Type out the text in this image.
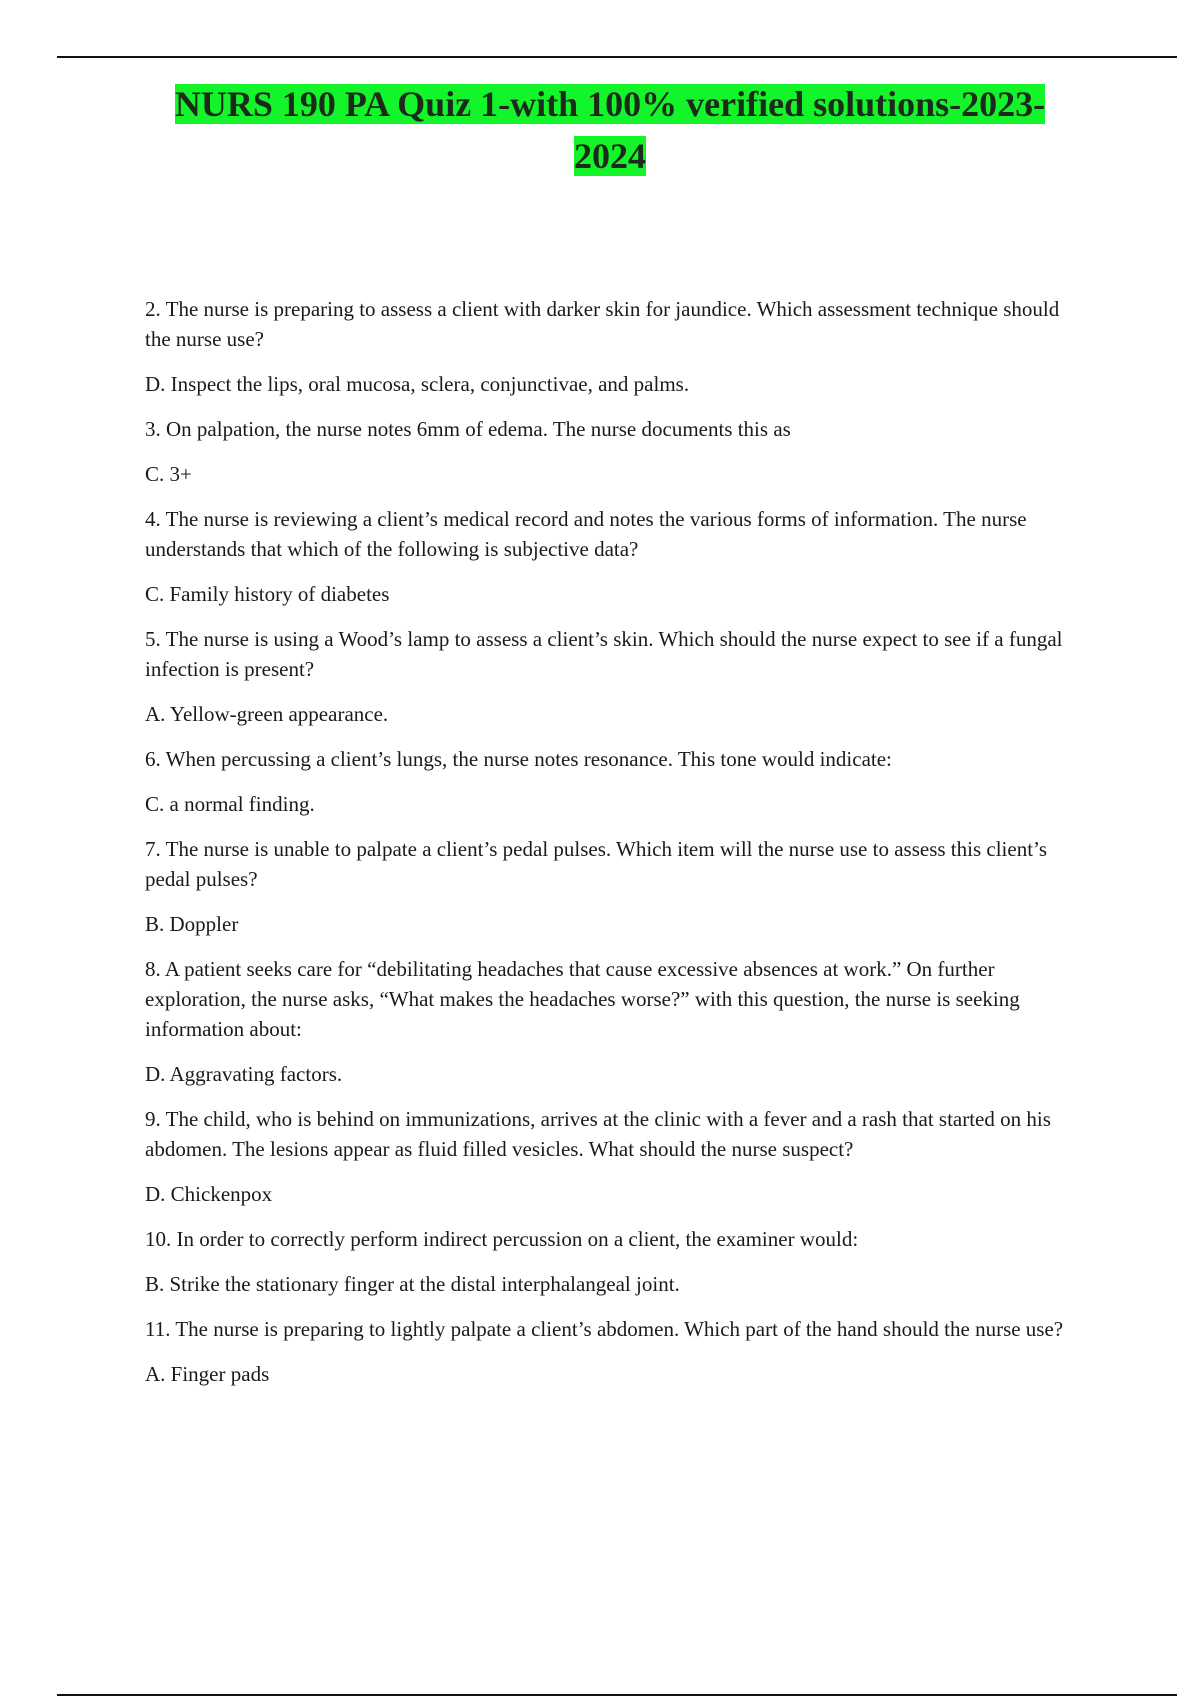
NURS 190 PA Quiz 1-with 100% verified solutions-2023-2024

2. The nurse is preparing to assess a client with darker skin for jaundice. Which assessment technique should the nurse use?

D. Inspect the lips, oral mucosa, sclera, conjunctivae, and palms.

3. On palpation, the nurse notes 6mm of edema. The nurse documents this as

C. 3+

4. The nurse is reviewing a client’s medical record and notes the various forms of information. The nurse understands that which of the following is subjective data?

C. Family history of diabetes

5. The nurse is using a Wood’s lamp to assess a client’s skin. Which should the nurse expect to see if a fungal infection is present?

A. Yellow-green appearance.

6. When percussing a client’s lungs, the nurse notes resonance. This tone would indicate:

C. a normal finding.

7. The nurse is unable to palpate a client’s pedal pulses. Which item will the nurse use to assess this client’s pedal pulses?

B. Doppler

8. A patient seeks care for “debilitating headaches that cause excessive absences at work.” On further exploration, the nurse asks, “What makes the headaches worse?” with this question, the nurse is seeking information about:

D. Aggravating factors.

9. The child, who is behind on immunizations, arrives at the clinic with a fever and a rash that started on his abdomen. The lesions appear as fluid filled vesicles. What should the nurse suspect?

D. Chickenpox

10. In order to correctly perform indirect percussion on a client, the examiner would:

B. Strike the stationary finger at the distal interphalangeal joint.

11. The nurse is preparing to lightly palpate a client’s abdomen. Which part of the hand should the nurse use?

A. Finger pads
